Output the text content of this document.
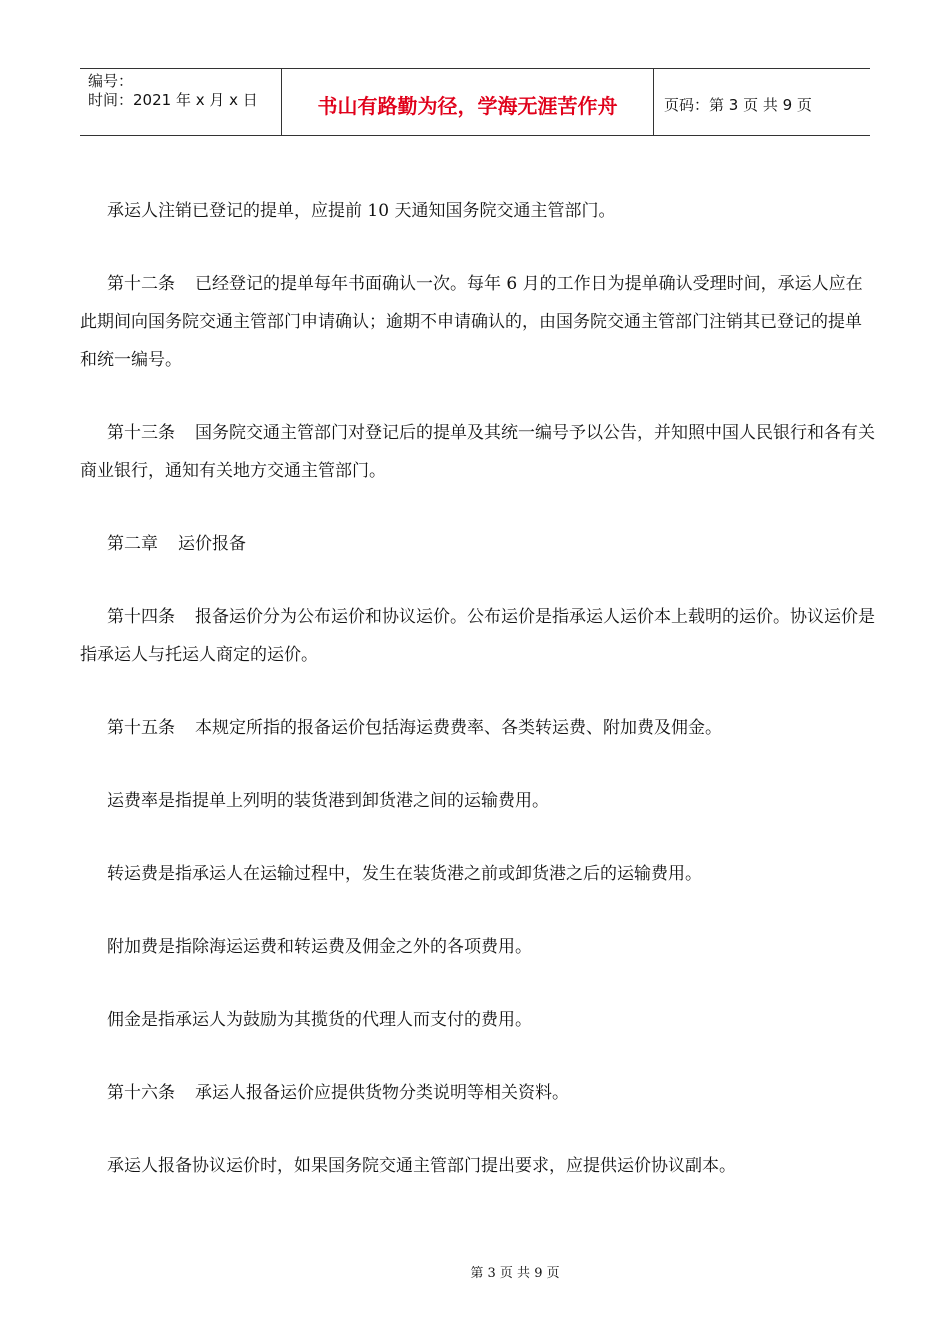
编号：
时间：2021 年 x 月 x 日	书山有路勤为径，学海无涯苦作舟	页码：第 3 页 共 9 页
承运人注销已登记的提单，应提前 10 天通知国务院交通主管部门。
第十二条 已经登记的提单每年书面确认一次。每年 6 月的工作日为提单确认受理时间，承运人应在此期间向国务院交通主管部门申请确认；逾期不申请确认的，由国务院交通主管部门注销其已登记的提单和统一编号。
第十三条 国务院交通主管部门对登记后的提单及其统一编号予以公告，并知照中国人民银行和各有关商业银行，通知有关地方交通主管部门。
第二章 运价报备
第十四条 报备运价分为公布运价和协议运价。公布运价是指承运人运价本上载明的运价。协议运价是指承运人与托运人商定的运价。
第十五条 本规定所指的报备运价包括海运费费率、各类转运费、附加费及佣金。
运费率是指提单上列明的装货港到卸货港之间的运输费用。
转运费是指承运人在运输过程中，发生在装货港之前或卸货港之后的运输费用。
附加费是指除海运运费和转运费及佣金之外的各项费用。
佣金是指承运人为鼓励为其揽货的代理人而支付的费用。
第十六条 承运人报备运价应提供货物分类说明等相关资料。
承运人报备协议运价时，如果国务院交通主管部门提出要求，应提供运价协议副本。
第 3 页 共 9 页
